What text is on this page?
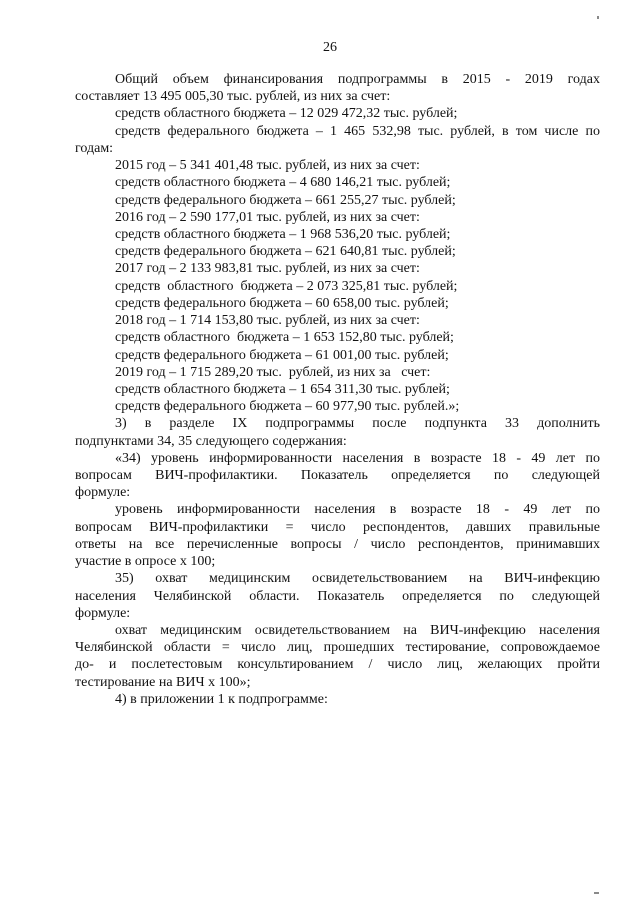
26
Общий объем финансирования подпрограммы в 2015 - 2019 годах
составляет 13 495 005,30 тыс. рублей, из них за счет:
средств областного бюджета – 12 029 472,32 тыс. рублей;
средств федерального бюджета – 1 465 532,98 тыс. рублей, в том числе по
годам:
2015 год – 5 341 401,48 тыс. рублей, из них за счет:
средств областного бюджета – 4 680 146,21 тыс. рублей;
средств федерального бюджета – 661 255,27 тыс. рублей;
2016 год – 2 590 177,01 тыс. рублей, из них за счет:
средств областного бюджета – 1 968 536,20 тыс. рублей;
средств федерального бюджета – 621 640,81 тыс. рублей;
2017 год – 2 133 983,81 тыс. рублей, из них за счет:
средств  областного  бюджета – 2 073 325,81 тыс. рублей;
средств федерального бюджета – 60 658,00 тыс. рублей;
2018 год – 1 714 153,80 тыс. рублей, из них за счет:
средств областного  бюджета – 1 653 152,80 тыс. рублей;
средств федерального бюджета – 61 001,00 тыс. рублей;
2019 год – 1 715 289,20 тыс.  рублей, из них за   счет:
средств областного бюджета – 1 654 311,30 тыс. рублей;
средств федерального бюджета – 60 977,90 тыс. рублей.»;
3) в разделе IX подпрограммы после подпункта 33 дополнить
подпунктами 34, 35 следующего содержания:
«34) уровень информированности населения в возрасте 18 - 49 лет по
вопросам ВИЧ-профилактики. Показатель определяется по следующей
формуле:
уровень информированности населения в возрасте 18 - 49 лет по
вопросам ВИЧ-профилактики = число респондентов, давших правильные
ответы на все перечисленные вопросы / число респондентов, принимавших
участие в опросе х 100;
35) охват медицинским освидетельствованием на ВИЧ-инфекцию
населения Челябинской области. Показатель определяется по следующей
формуле:
охват медицинским освидетельствованием на ВИЧ-инфекцию населения
Челябинской области = число лиц, прошедших тестирование, сопровождаемое
до- и послетестовым консультированием / число лиц, желающих пройти
тестирование на ВИЧ х 100»;
4) в приложении 1 к подпрограмме:
